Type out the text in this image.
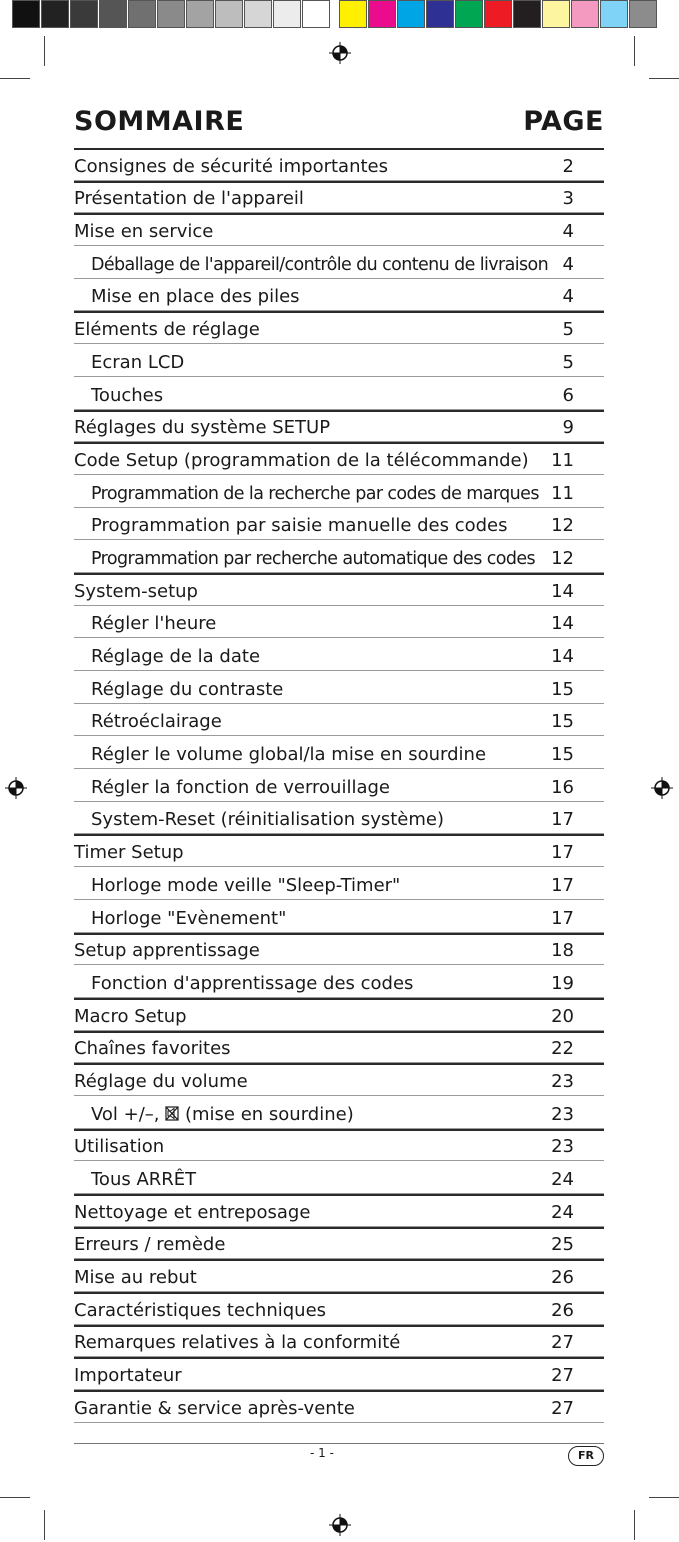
SOMMAIRE	PAGE
Consignes de sécurité importantes	2
Présentation de l'appareil	3
Mise en service	4
Déballage de l'appareil/contrôle du contenu de livraison 4
Mise en place des piles	4
Eléments de réglage	5
Ecran LCD	5
Touches	6
Réglages du système SETUP	9
Code Setup (programmation de la télécommande) 11
Programmation de la recherche par codes de marques 11
Programmation par saisie manuelle des codes 12
Programmation par recherche automatique des codes 12
System-setup	14
Régler l'heure	14
Réglage de la date	14
Réglage du contraste	15
Rétroéclairage	15
Régler le volume global/la mise en sourdine	15
Régler la fonction de verrouillage	16
System-Reset (réinitialisation système)	17
Timer Setup	17
Horloge mode veille "Sleep-Timer"	17
Horloge "Evènement"	17
Setup apprentissage	18
Fonction d'apprentissage des codes	19
Macro Setup	20
Chaînes favorites	22
Réglage du volume	23
Vol +/–,  (mise en sourdine)	23
Utilisation	23
Tous ARRÊT	24
Nettoyage et entreposage	24
Erreurs / remède	25
Mise au rebut	26
Caractéristiques techniques	26
Remarques relatives à la conformité	27
Importateur	27
Garantie & service après-vente	27
- 1 -	FR
